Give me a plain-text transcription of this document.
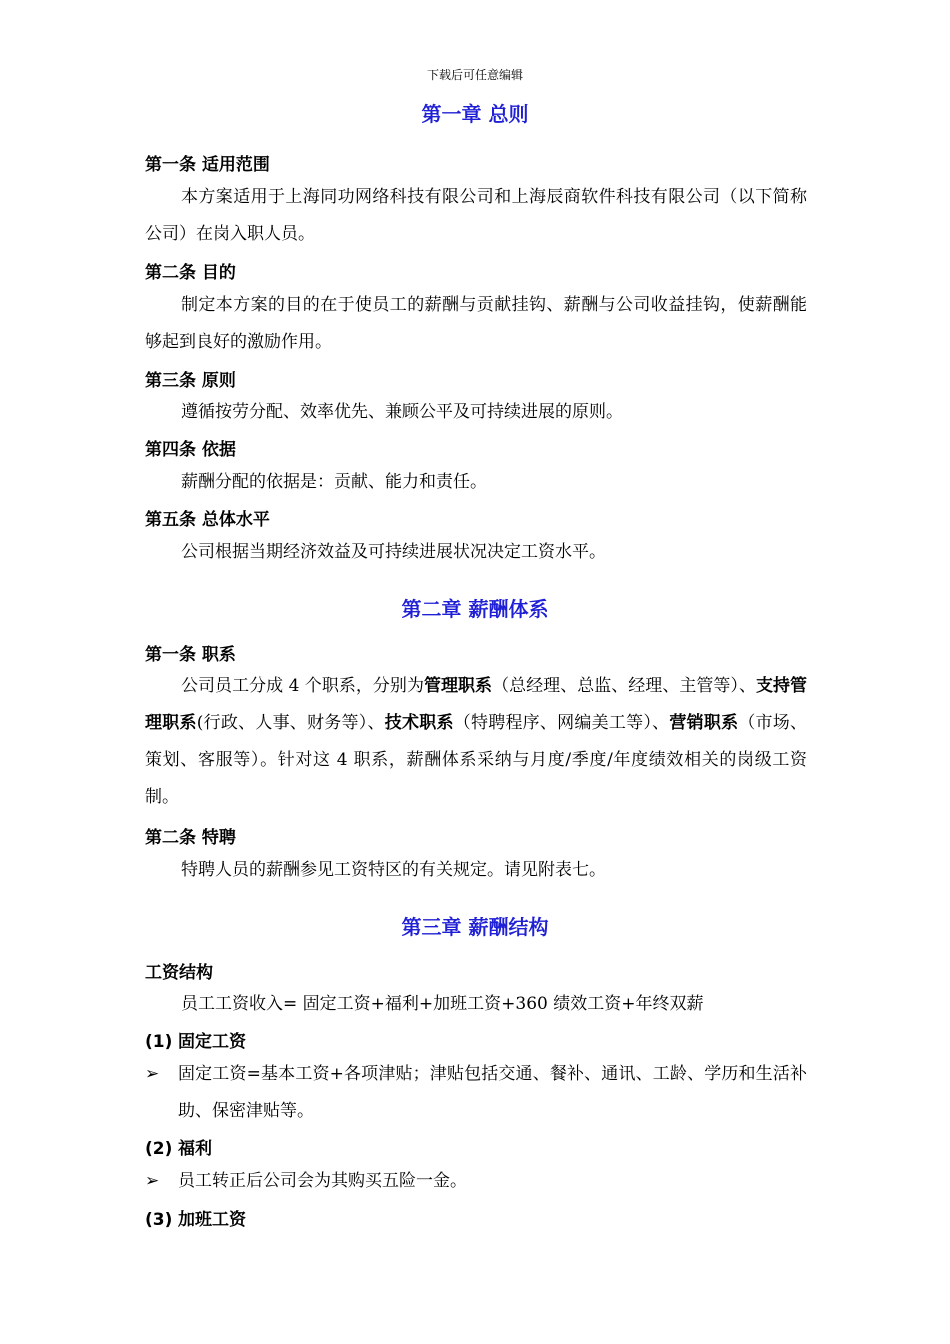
下载后可任意编辑
第一章 总则
第一条 适用范围
本方案适用于上海同功网络科技有限公司和上海辰商软件科技有限公司（以下简称公司）在岗入职人员。
第二条 目的
制定本方案的目的在于使员工的薪酬与贡献挂钩、薪酬与公司收益挂钩，使薪酬能够起到良好的激励作用。
第三条 原则
遵循按劳分配、效率优先、兼顾公平及可持续进展的原则。
第四条 依据
薪酬分配的依据是：贡献、能力和责任。
第五条 总体水平
公司根据当期经济效益及可持续进展状况决定工资水平。
第二章 薪酬体系
第一条 职系
公司员工分成 4 个职系，分别为管理职系（总经理、总监、经理、主管等）、支持管理职系(行政、人事、财务等）、技术职系（特聘程序、网编美工等）、营销职系（市场、策划、客服等）。针对这 4 职系，薪酬体系采纳与月度/季度/年度绩效相关的岗级工资制。
第二条 特聘
特聘人员的薪酬参见工资特区的有关规定。请见附表七。
第三章 薪酬结构
工资结构
员工工资收入= 固定工资+福利+加班工资+360 绩效工资+年终双薪
(1) 固定工资
➢ 固定工资=基本工资+各项津贴；津贴包括交通、餐补、通讯、工龄、学历和生活补助、保密津贴等。
(2) 福利
➢ 员工转正后公司会为其购买五险一金。
(3) 加班工资
